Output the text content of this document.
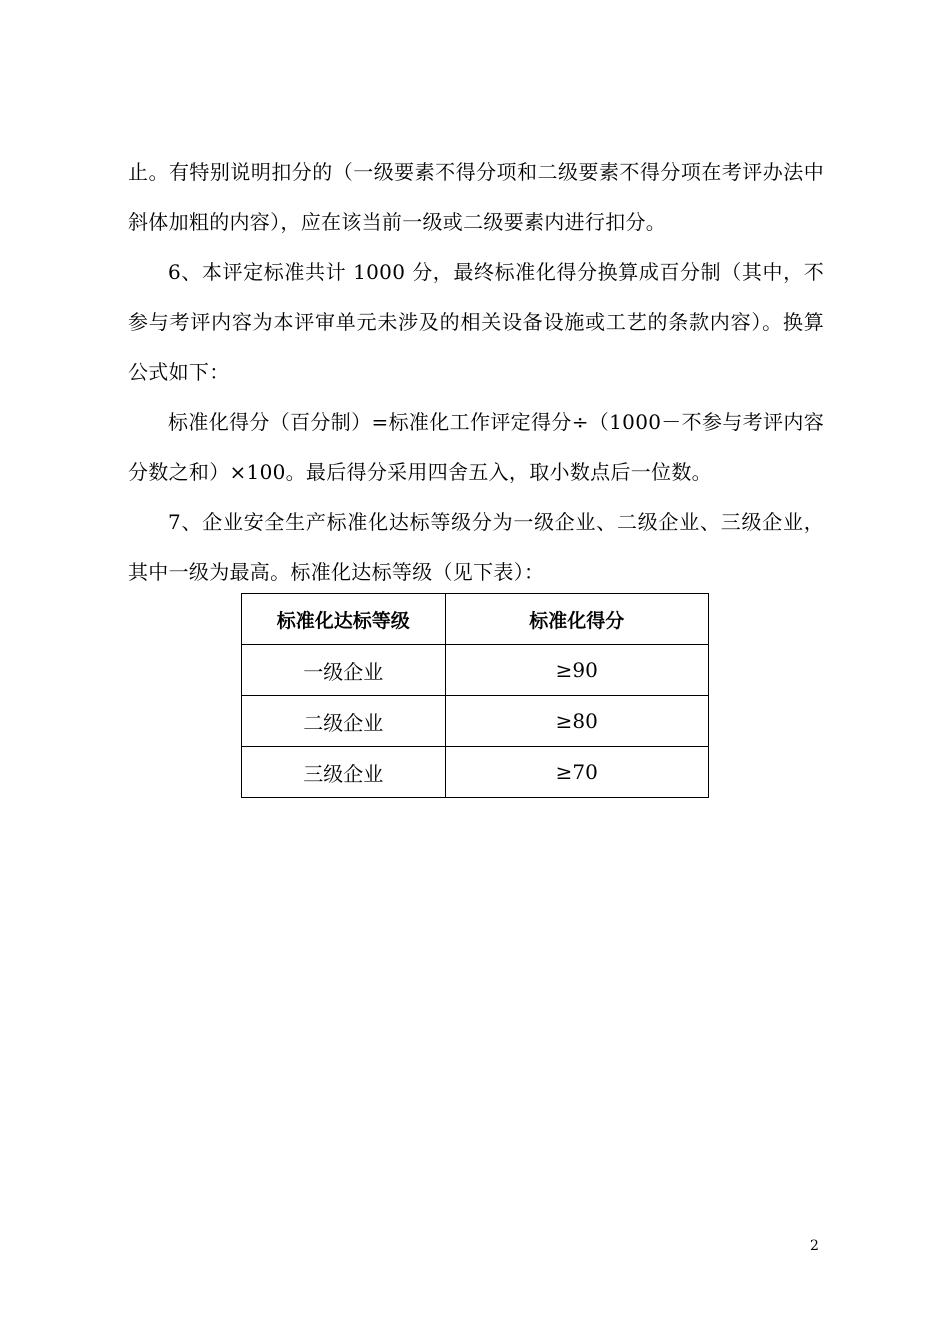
止。有特别说明扣分的（一级要素不得分项和二级要素不得分项在考评办法中斜体加粗的内容），应在该当前一级或二级要素内进行扣分。

6、本评定标准共计 1000 分，最终标准化得分换算成百分制（其中，不参与考评内容为本评审单元未涉及的相关设备设施或工艺的条款内容）。换算公式如下：

标准化得分（百分制）=标准化工作评定得分÷（1000－不参与考评内容分数之和）×100。最后得分采用四舍五入，取小数点后一位数。

7、企业安全生产标准化达标等级分为一级企业、二级企业、三级企业，其中一级为最高。标准化达标等级（见下表）：

标准化达标等级	标准化得分
一级企业	≥90
二级企业	≥80
三级企业	≥70
2
